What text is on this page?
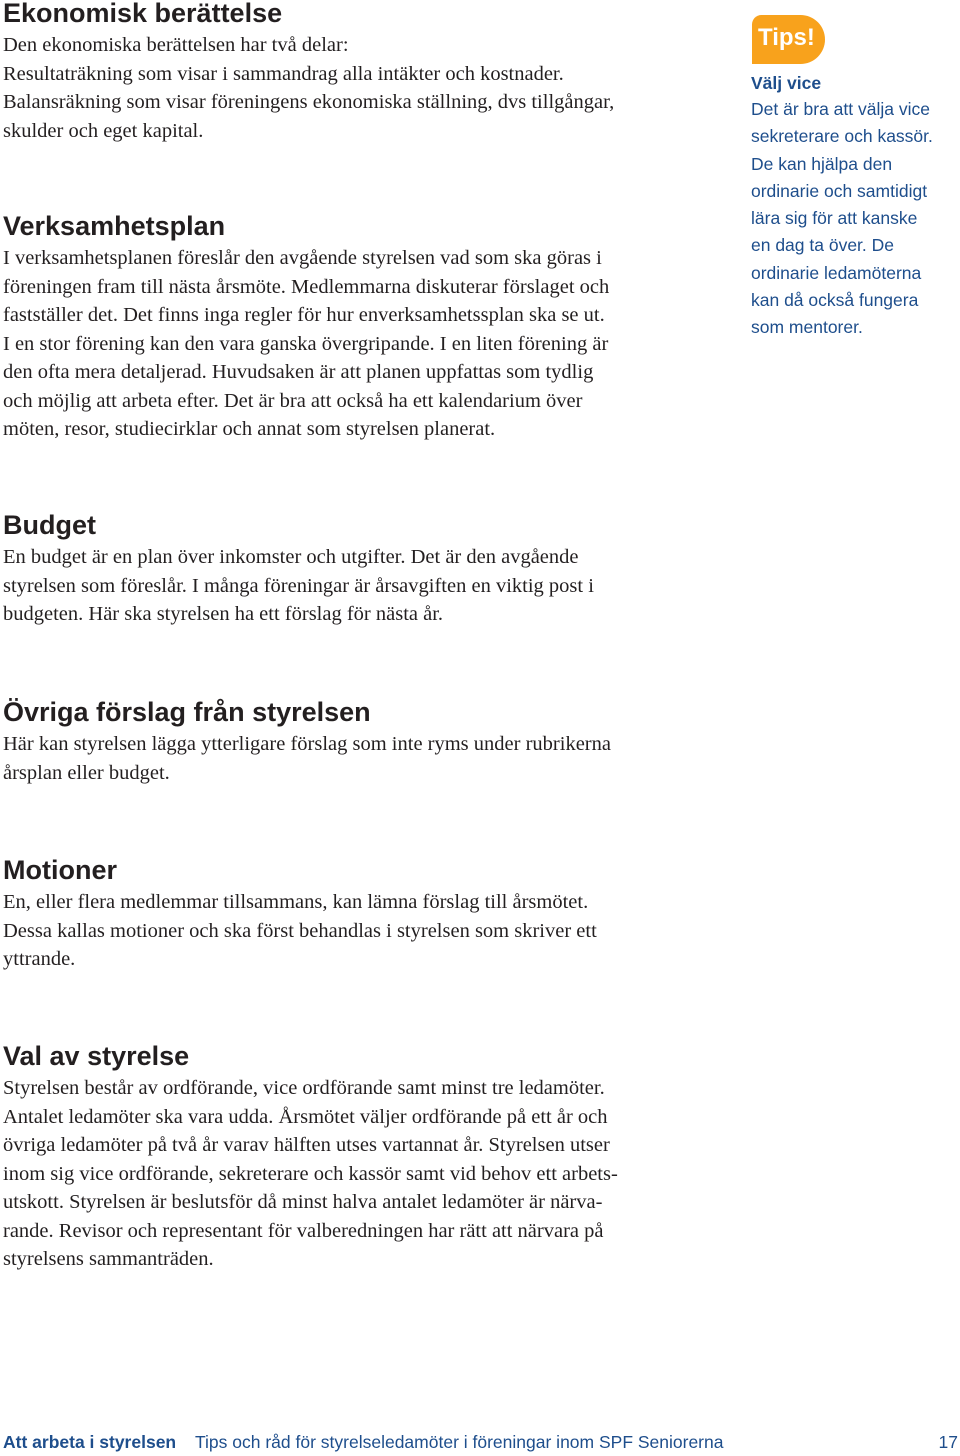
Ekonomisk berättelse
Den ekonomiska berättelsen har två delar:
Resultaträkning som visar i sammandrag alla intäkter och kostnader.
Balansräkning som visar föreningens ekonomiska ställning, dvs tillgångar,
skulder och eget kapital.
Verksamhetsplan
I verksamhetsplanen föreslår den avgående styrelsen vad som ska göras i
föreningen fram till nästa årsmöte. Medlemmarna diskuterar förslaget och
fastställer det. Det finns inga regler för hur enverksamhetssplan ska se ut.
I en stor förening kan den vara ganska övergripande. I en liten förening är
den ofta mera detaljerad. Huvudsaken är att planen uppfattas som tydlig
och möjlig att arbeta efter. Det är bra att också ha ett kalendarium över
möten, resor, studiecirklar och annat som styrelsen planerat.
Budget
En budget är en plan över inkomster och utgifter. Det är den avgående
styrelsen som föreslår. I många föreningar är årsavgiften en viktig post i
budgeten. Här ska styrelsen ha ett förslag för nästa år.
Övriga förslag från styrelsen
Här kan styrelsen lägga ytterligare förslag som inte ryms under rubrikerna
årsplan eller budget.
Motioner
En, eller flera medlemmar tillsammans, kan lämna förslag till årsmötet.
Dessa kallas motioner och ska först behandlas i styrelsen som skriver ett
yttrande.
Val av styrelse
Styrelsen består av ordförande, vice ordförande samt minst tre ledamöter.
Antalet ledamöter ska vara udda. Årsmötet väljer ordförande på ett år och
övriga ledamöter på två år varav hälften utses vartannat år. Styrelsen utser
inom sig vice ordförande, sekreterare och kassör samt vid behov ett arbets-
utskott. Styrelsen är beslutsför då minst halva antalet ledamöter är närva-
rande. Revisor och representant för valberedningen har rätt att närvara på
styrelsens sammanträden.
Tips!
Välj vice
Det är bra att välja vice
sekreterare och kassör.
De kan hjälpa den
ordinarie och samtidigt
lära sig för att kanske
en dag ta över. De
ordinarie ledamöterna
kan då också fungera
som mentorer.
Att arbeta i styrelsen Tips och råd för styrelseledamöter i föreningar inom SPF Seniorerna	17
